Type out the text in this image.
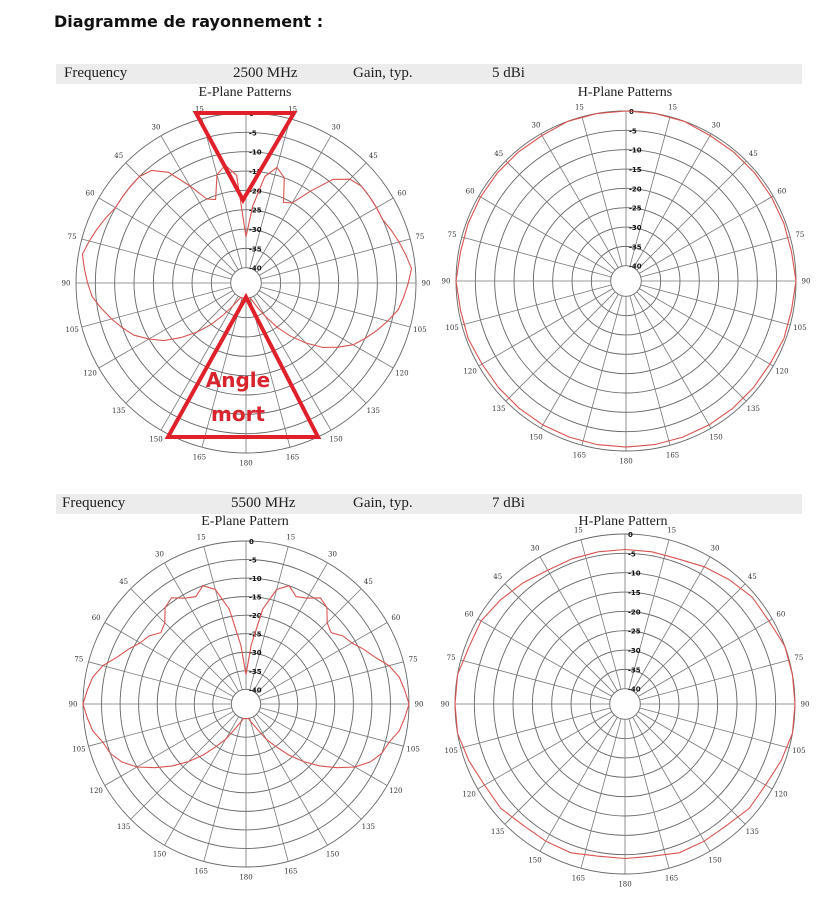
Diagramme de rayonnement :
Frequency	2500 MHz	Gain, typ.	5 dBi
E-Plane Patterns	H-Plane Patterns
Frequency	5500 MHz	Gain, typ.	7 dBi
E-Plane Pattern	H-Plane Pattern
15
30
45
60
75
90
105
120
135
150
165
180
165
150
135
120
105
90
75
60
45
30
15
0
-5
-10
-15
-20
-25
-30
-35
-40
15
30
45
60
75
90
105
120
135
150
165
180
165
150
135
120
105
90
75
60
45
30
15
0
-5
-10
-15
-20
-25
-30
-35
-40
15
30
45
60
75
90
105
120
135
150
165
180
165
150
135
120
105
90
75
60
45
30
15
0
-5
-10
-15
-20
-25
-30
-35
-40
15
30
45
60
75
90
105
120
135
150
165
180
165
150
135
120
105
90
75
60
45
30
15
0
-5
-10
-15
-20
-25
-30
-35
-40
Angle
mort
